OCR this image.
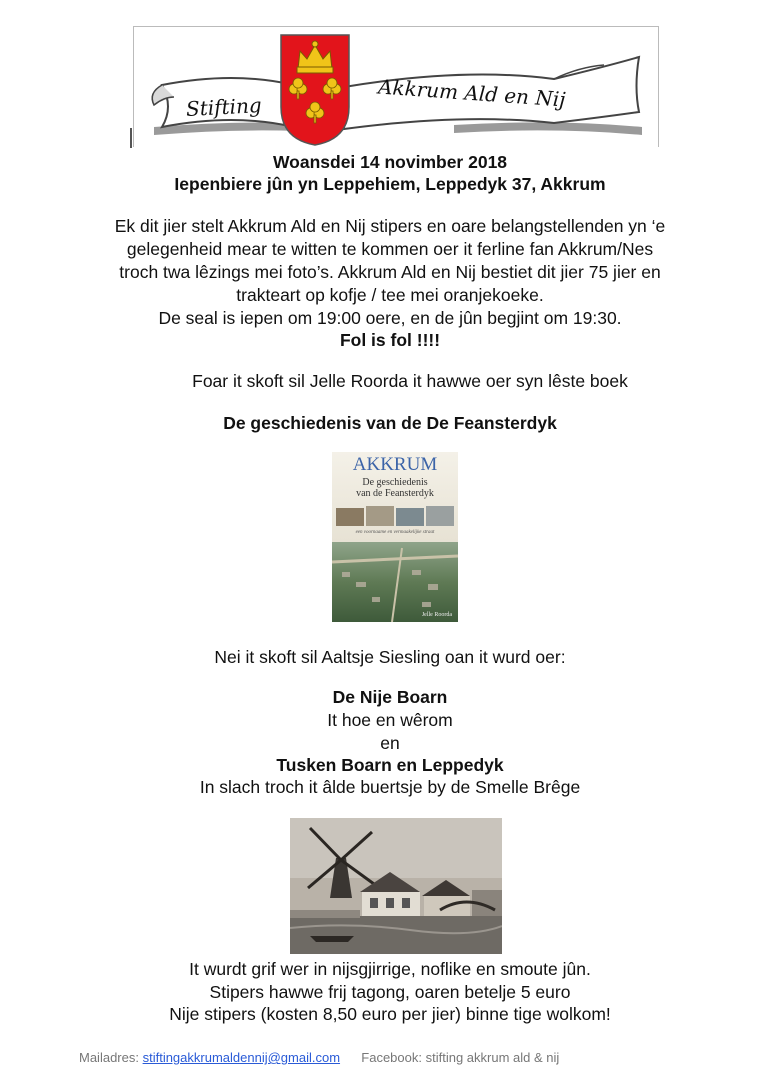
Stifting	Akkrum Ald en Nij
Woansdei 14 novimber 2018
Iepenbiere jûn yn Leppehiem, Leppedyk 37, Akkrum
Ek dit jier stelt Akkrum Ald en Nij stipers en oare belangstellenden yn ‘e
gelegenheid mear te witten te kommen oer it ferline fan Akkrum/Nes
troch twa lêzings mei foto’s. Akkrum Ald en Nij bestiet dit jier 75 jier en
trakteart op kofje / tee mei oranjekoeke.
De seal is iepen om 19:00 oere, en de jûn begjint om 19:30.
Fol is fol !!!!
Foar it skoft sil Jelle Roorda it hawwe oer syn lêste boek
De geschiedenis van de De Feansterdyk
AKKRUM
De geschiedenis
van de Feansterdyk
een voornaame en vermaakelijke straat
Jelle Roorda
Nei it skoft sil Aaltsje Siesling oan it wurd oer:
De Nije Boarn
It hoe en wêrom
en
Tusken Boarn en Leppedyk
In slach troch it âlde buertsje by de Smelle Brêge
It wurdt grif wer in nijsgjirrige, noflike en smoute jûn.
Stipers hawwe frij tagong, oaren betelje 5 euro
Nije stipers (kosten 8,50 euro per jier) binne tige wolkom!
Mailadres: stiftingakkrumaldennij@gmail.com Facebook: stifting akkrum ald & nij
